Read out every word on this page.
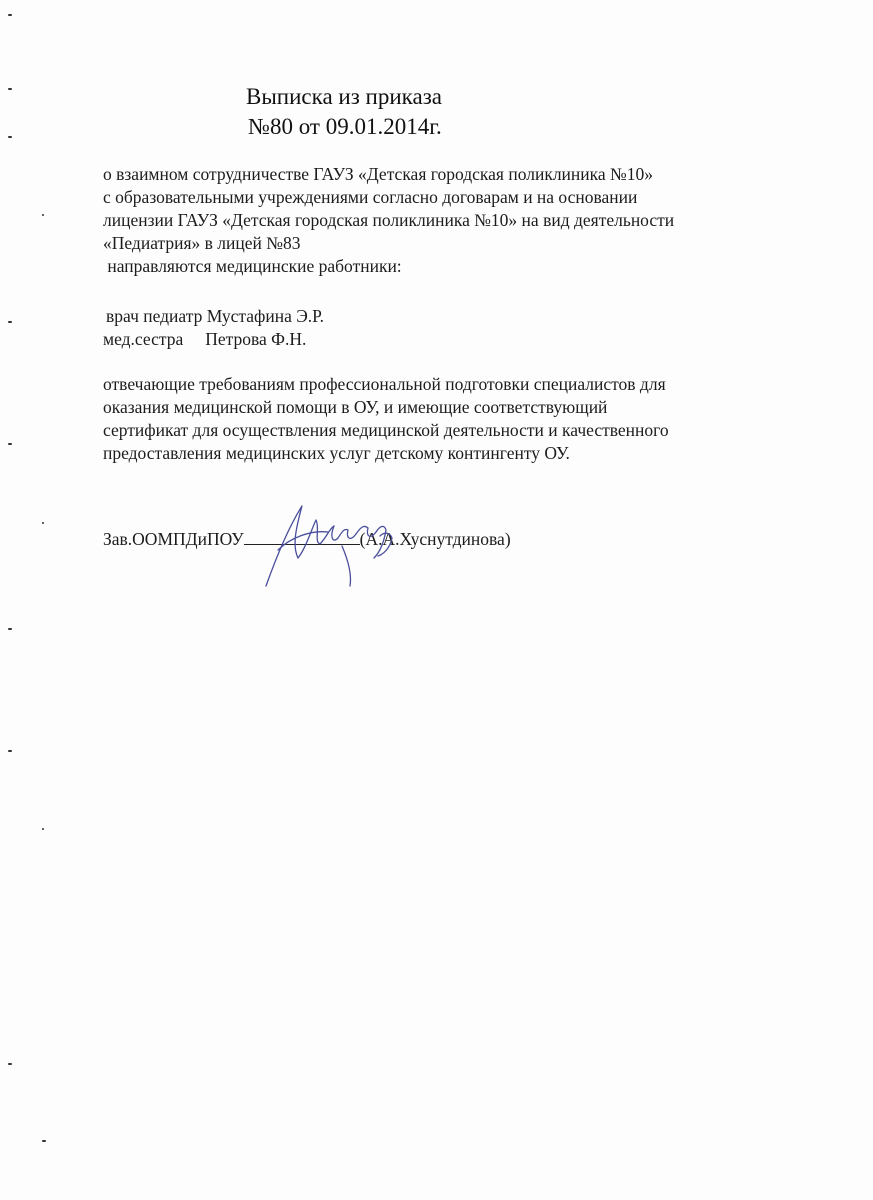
Выписка из приказа
№80 от 09.01.2014г.
о взаимном сотрудничестве ГАУЗ «Детская городская поликлиника №10»
с образовательными учреждениями согласно договарам и на основании
лицензии ГАУЗ «Детская городская поликлиника №10» на вид деятельности
«Педиатрия» в лицей №83
направляются медицинские работники:
врач педиатр Мустафина Э.Р.
мед.сестра Петрова Ф.Н.
отвечающие требованиям профессиональной подготовки специалистов для
оказания медицинской помощи в ОУ, и имеющие соответствующий
сертификат для осуществления медицинской деятельности и качественного
предоставления медицинских услуг детскому контингенту ОУ.
Зав.ООМПДиПОУ	(А.А.Хуснутдинова)
